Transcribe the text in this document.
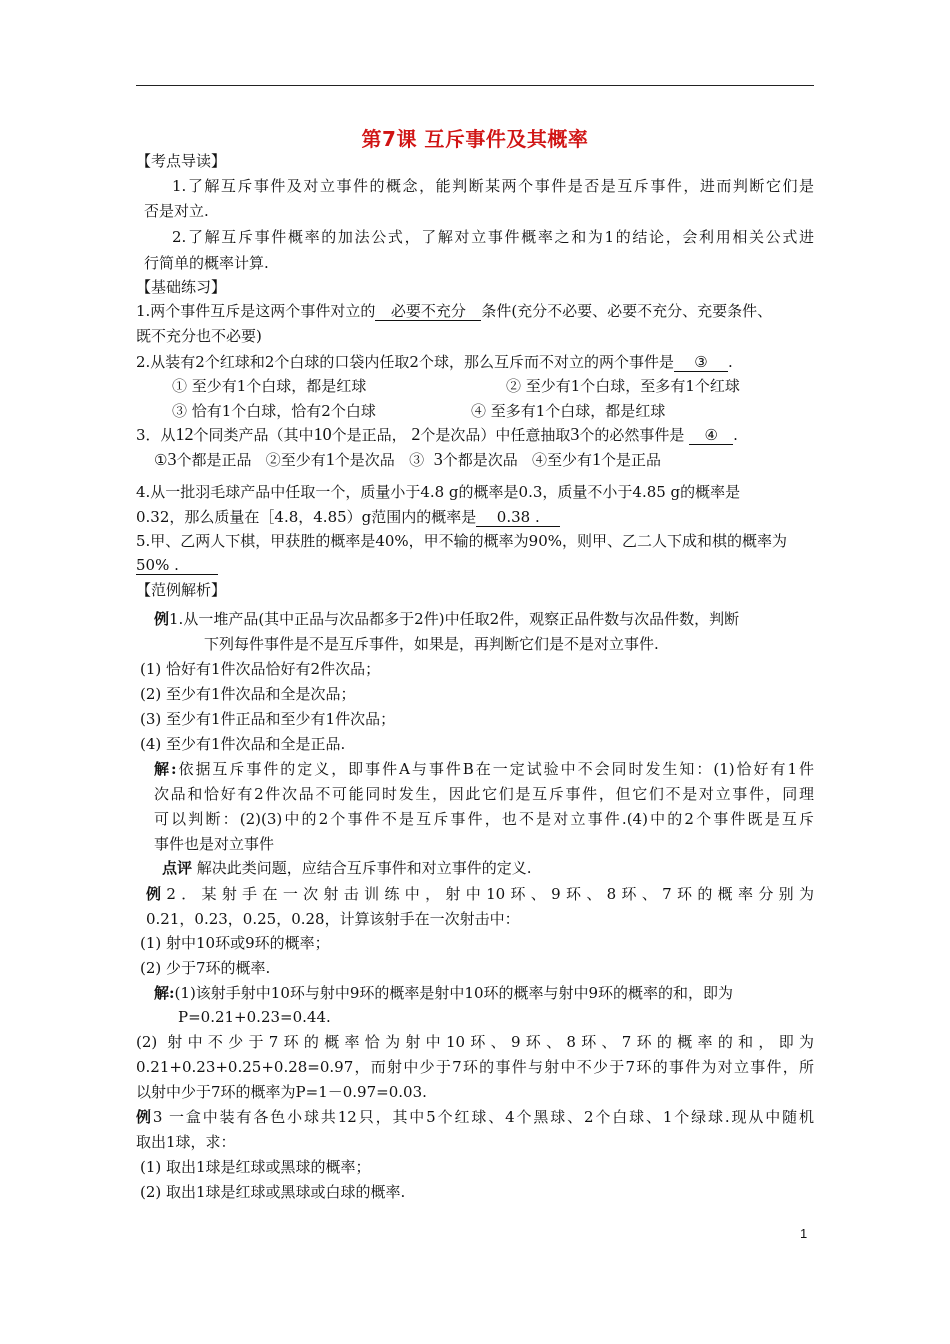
第7课 互斥事件及其概率
【考点导读】
1.了解互斥事件及对立事件的概念，能判断某两个事件是否是互斥事件，进而判断它们是
否是对立.
2.了解互斥事件概率的加法公式，了解对立事件概率之和为1的结论，会利用相关公式进
行简单的概率计算.
【基础练习】
1.两个事件互斥是这两个事件对立的 必要不充分 条件(充分不必要、必要不充分、充要条件、
既不充分也不必要)
2.从装有2个红球和2个白球的口袋内任取2个球，那么互斥而不对立的两个事件是 ③ .
① 至少有1个白球，都是红球	② 至少有1个白球，至多有1个红球
③ 恰有1个白球，恰有2个白球	④ 至多有1个白球，都是红球
3．从12个同类产品（其中10个是正品， 2个是次品）中任意抽取3个的必然事件是 ④ .
①3个都是正品 ②至少有1个是次品 ③ 3个都是次品 ④至少有1个是正品
4.从一批羽毛球产品中任取一个，质量小于4.8 g的概率是0.3，质量不小于4.85 g的概率是
0.32，那么质量在［4.8，4.85）g范围内的概率是 0.38 .
5.甲、乙两人下棋，甲获胜的概率是40%，甲不输的概率为90%，则甲、乙二人下成和棋的概率为
50% .
【范例解析】
例1.从一堆产品(其中正品与次品都多于2件)中任取2件，观察正品件数与次品件数，判断
下列每件事件是不是互斥事件，如果是，再判断它们是不是对立事件.
(1) 恰好有1件次品恰好有2件次品；
(2) 至少有1件次品和全是次品；
(3) 至少有1件正品和至少有1件次品；
(4) 至少有1件次品和全是正品.
解:依据互斥事件的定义，即事件A与事件B在一定试验中不会同时发生知：(1)恰好有1件
次品和恰好有2件次品不可能同时发生，因此它们是互斥事件，但它们不是对立事件，同理
可以判断：(2)(3)中的2个事件不是互斥事件，也不是对立事件.(4)中的2个事件既是互斥
事件也是对立事件
点评 解决此类问题，应结合互斥事件和对立事件的定义.
例2．某射手在一次射击训练中，射中10环、9环、8环、7环的概率分别为
0.21，0.23，0.25，0.28，计算该射手在一次射击中：
(1) 射中10环或9环的概率；
(2) 少于7环的概率.
解:(1)该射手射中10环与射中9环的概率是射中10环的概率与射中9环的概率的和，即为
P=0.21+0.23=0.44.
(2) 射中不少于7环的概率恰为射中10环、9环、8环、7环的概率的和，即为
0.21+0.23+0.25+0.28=0.97，而射中少于7环的事件与射中不少于7环的事件为对立事件，所
以射中少于7环的概率为P=1－0.97=0.03.
例3 一盒中装有各色小球共12只，其中5个红球、4个黑球、2个白球、1个绿球.现从中随机
取出1球，求：
(1) 取出1球是红球或黑球的概率；
(2) 取出1球是红球或黑球或白球的概率.
1
